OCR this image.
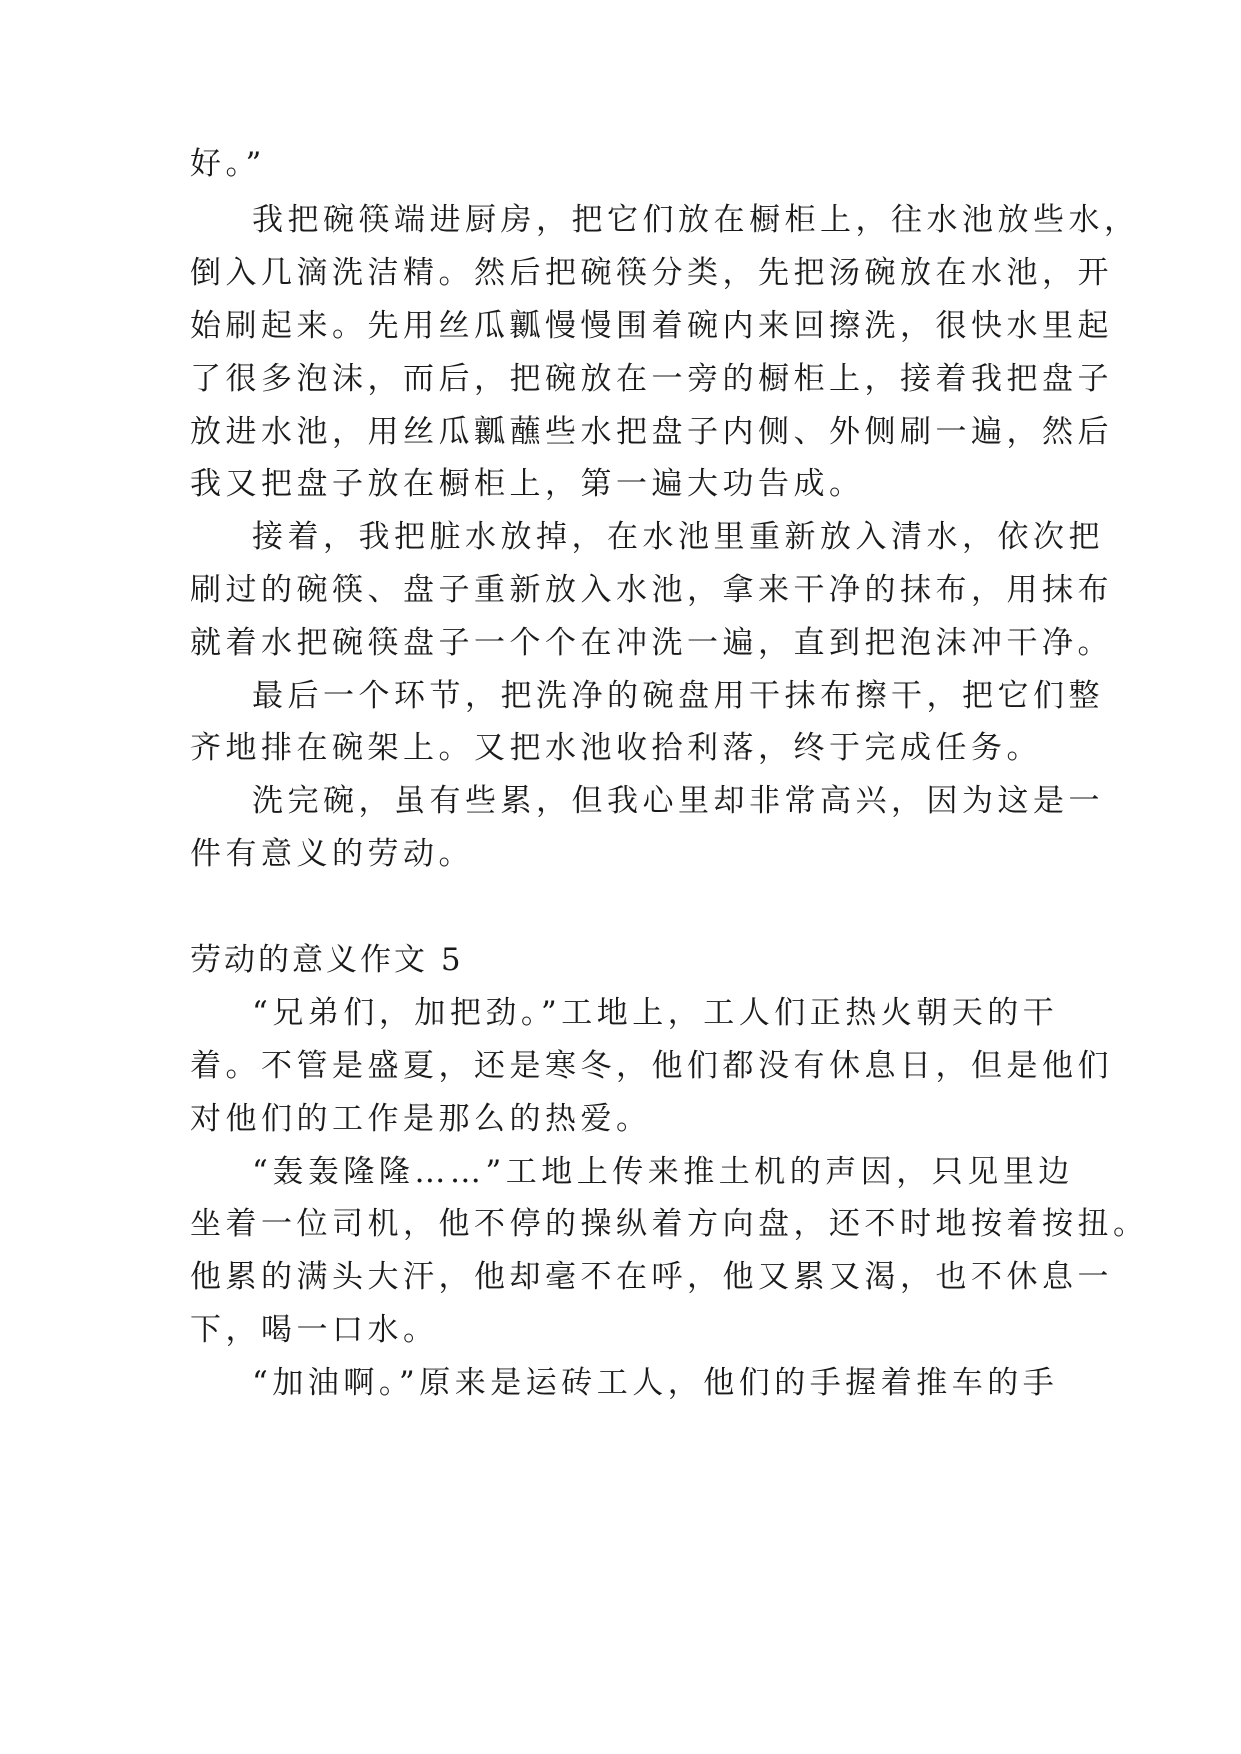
好。”
我把碗筷端进厨房，把它们放在橱柜上，往水池放些水，
倒入几滴洗洁精。然后把碗筷分类，先把汤碗放在水池，开
始刷起来。先用丝瓜瓤慢慢围着碗内来回擦洗，很快水里起
了很多泡沫，而后，把碗放在一旁的橱柜上，接着我把盘子
放进水池，用丝瓜瓤蘸些水把盘子内侧、外侧刷一遍，然后
我又把盘子放在橱柜上，第一遍大功告成。
接着，我把脏水放掉，在水池里重新放入清水，依次把
刷过的碗筷、盘子重新放入水池，拿来干净的抹布，用抹布
就着水把碗筷盘子一个个在冲洗一遍，直到把泡沫冲干净。
最后一个环节，把洗净的碗盘用干抹布擦干，把它们整
齐地排在碗架上。又把水池收拾利落，终于完成任务。
洗完碗，虽有些累，但我心里却非常高兴，因为这是一
件有意义的劳动。
劳动的意义作文 5
“兄弟们，加把劲。”工地上，工人们正热火朝天的干
着。不管是盛夏，还是寒冬，他们都没有休息日，但是他们
对他们的工作是那么的热爱。
“轰轰隆隆……”工地上传来推土机的声因，只见里边
坐着一位司机，他不停的操纵着方向盘，还不时地按着按扭。
他累的满头大汗，他却毫不在呼，他又累又渴，也不休息一
下，喝一口水。
“加油啊。”原来是运砖工人，他们的手握着推车的手
